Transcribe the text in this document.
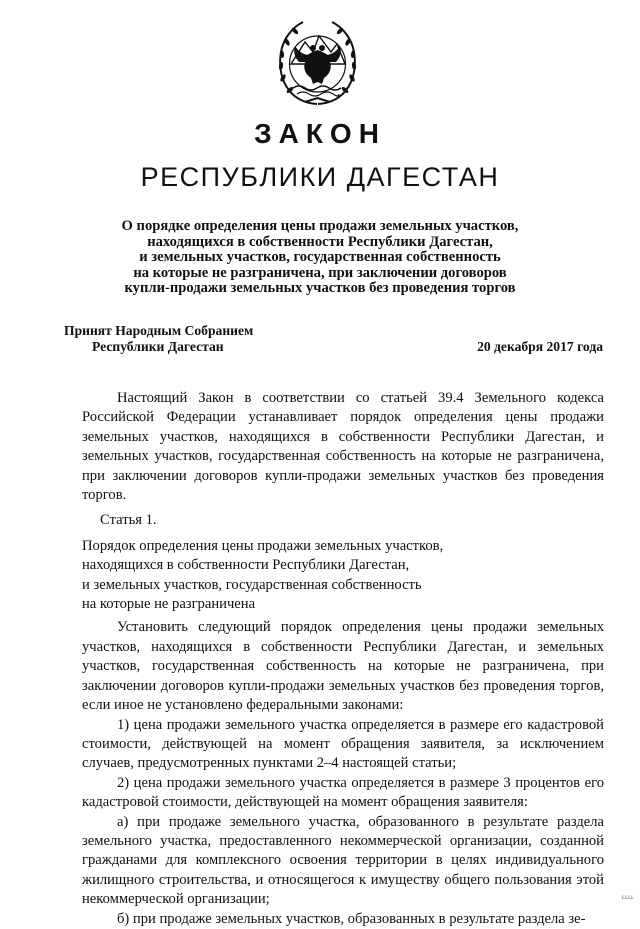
ЗАКОН
РЕСПУБЛИКИ ДАГЕСТАН
О порядке определения цены продажи земельных участков,
находящихся в собственности Республики Дагестан,
и земельных участков, государственная собственность
на которые не разграничена, при заключении договоров
купли-продажи земельных участков без проведения торгов
Принят Народным Собранием
Республики Дагестан	20 декабря 2017 года

Настоящий Закон в соответствии со статьей 39.4 Земельного кодекса Российской Федерации устанавливает порядок определения цены продажи земельных участков, находящихся в собственности Республики Дагестан, и земельных участков, государственная собственность на которые не разграничена, при заключении договоров купли-продажи земельных участков без проведения торгов.

Статья 1.

Порядок определения цены продажи земельных участков,
находящихся в собственности Республики Дагестан,
и земельных участков, государственная собственность
на которые не разграничена

Установить следующий порядок определения цены продажи земельных участков, находящихся в собственности Республики Дагестан, и земельных участков, государственная собственность на которые не разграничена, при заключении договоров купли-продажи земельных участков без проведения торгов, если иное не установлено федеральными законами:

1) цена продажи земельного участка определяется в размере его кадастровой стоимости, действующей на момент обращения заявителя, за исключением случаев, предусмотренных пунктами 2–4 настоящей статьи;

2) цена продажи земельного участка определяется в размере 3 процентов его кадастровой стоимости, действующей на момент обращения заявителя:

а) при продаже земельного участка, образованного в результате раздела земельного участка, предоставленного некоммерческой организации, созданной гражданами для комплексного освоения территории в целях индивидуального жилищного строительства, и относящегося к имуществу общего пользования этой некоммерческой организации;

б) при продаже земельных участков, образованных в результате раздела зе-

ʟʟʟʟ
